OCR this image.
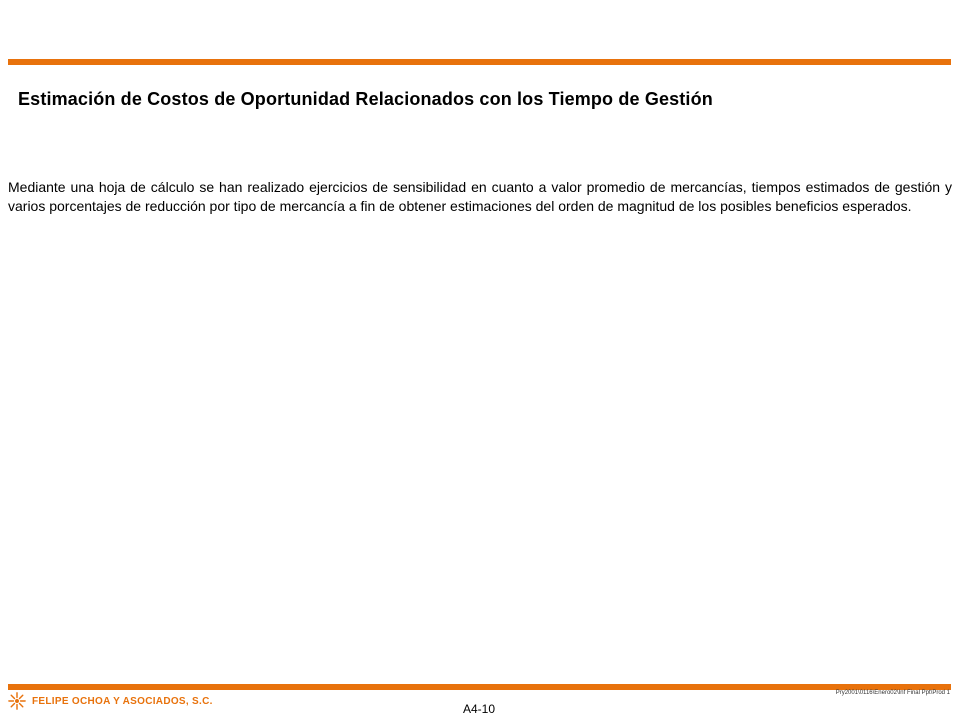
Estimación de Costos de Oportunidad Relacionados con los Tiempo de Gestión

Mediante una hoja de cálculo se han realizado ejercicios de sensibilidad en cuanto a valor promedio de mercancías, tiempos estimados de gestión y varios porcentajes de reducción por tipo de mercancía a fin de obtener estimaciones del orden de magnitud de los posibles beneficios esperados.

FELIPE OCHOA Y ASOCIADOS, S.C.
A4-10
Pry2001\0116\Enero02\Inf Final Ppt\Prod 1
